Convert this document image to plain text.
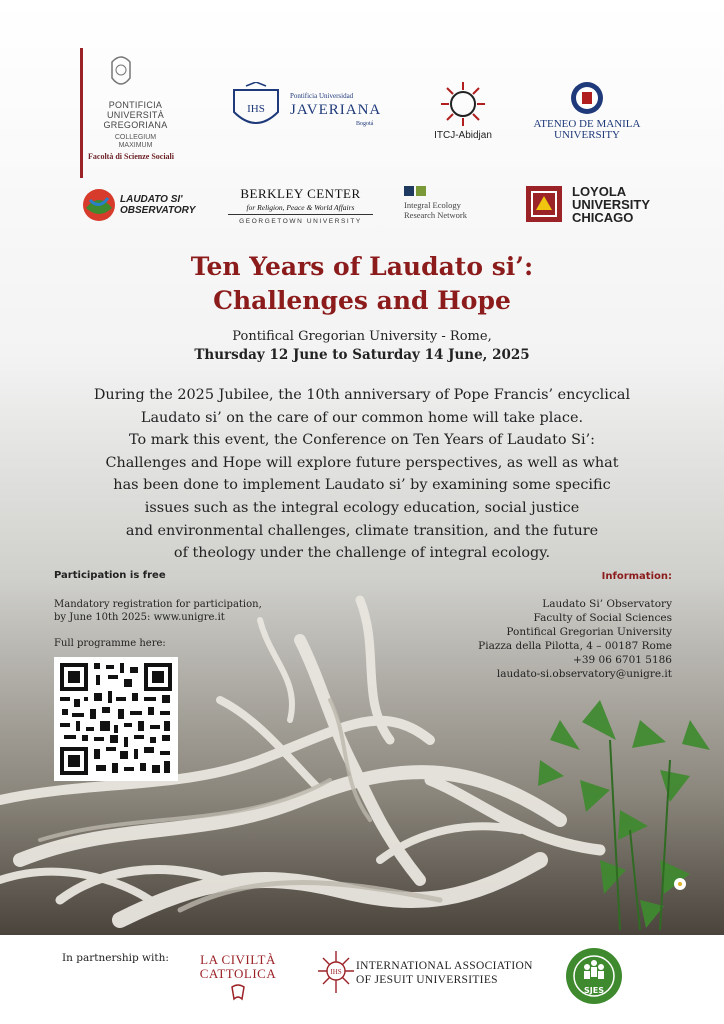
PONTIFICIA
UNIVERSITÀ
GREGORIANA
COLLEGIUM
MAXIMUM
Facoltà di Scienze Sociali
IHS
Pontificia Universidad
JAVERIANA
Bogotá
ITCJ-Abidjan
ATENEO DE MANILA
UNIVERSITY
LAUDATO SI'
OBSERVATORY
BERKLEY CENTER
for Religion, Peace & World Affairs
GEORGETOWN UNIVERSITY
Integral Ecology
Research Network
LOYOLA
UNIVERSITY
CHICAGO
Ten Years of Laudato si’:
Challenges and Hope
Pontifical Gregorian University - Rome,
Thursday 12 June to Saturday 14 June, 2025
During the 2025 Jubilee, the 10th anniversary of Pope Francis’ encyclical
Laudato si’ on the care of our common home will take place.
To mark this event, the Conference on Ten Years of Laudato Si’:
Challenges and Hope will explore future perspectives, as well as what
has been done to implement Laudato si’ by examining some specific
issues such as the integral ecology education, social justice
and environmental challenges, climate transition, and the future
of theology under the challenge of integral ecology.
Participation is free
Mandatory registration for participation,
by June 10th 2025: www.unigre.it
Full programme here:
Information:
Laudato Si’ Observatory
Faculty of Social Sciences
Pontifical Gregorian University
Piazza della Pilotta, 4 – 00187 Rome
+39 06 6701 5186
laudato-si.observatory@unigre.it
In partnership with:	LA CIVILTÀ
CATTOLICA	IHS INTERNATIONAL ASSOCIATION
OF JESUIT UNIVERSITIES
SJES
